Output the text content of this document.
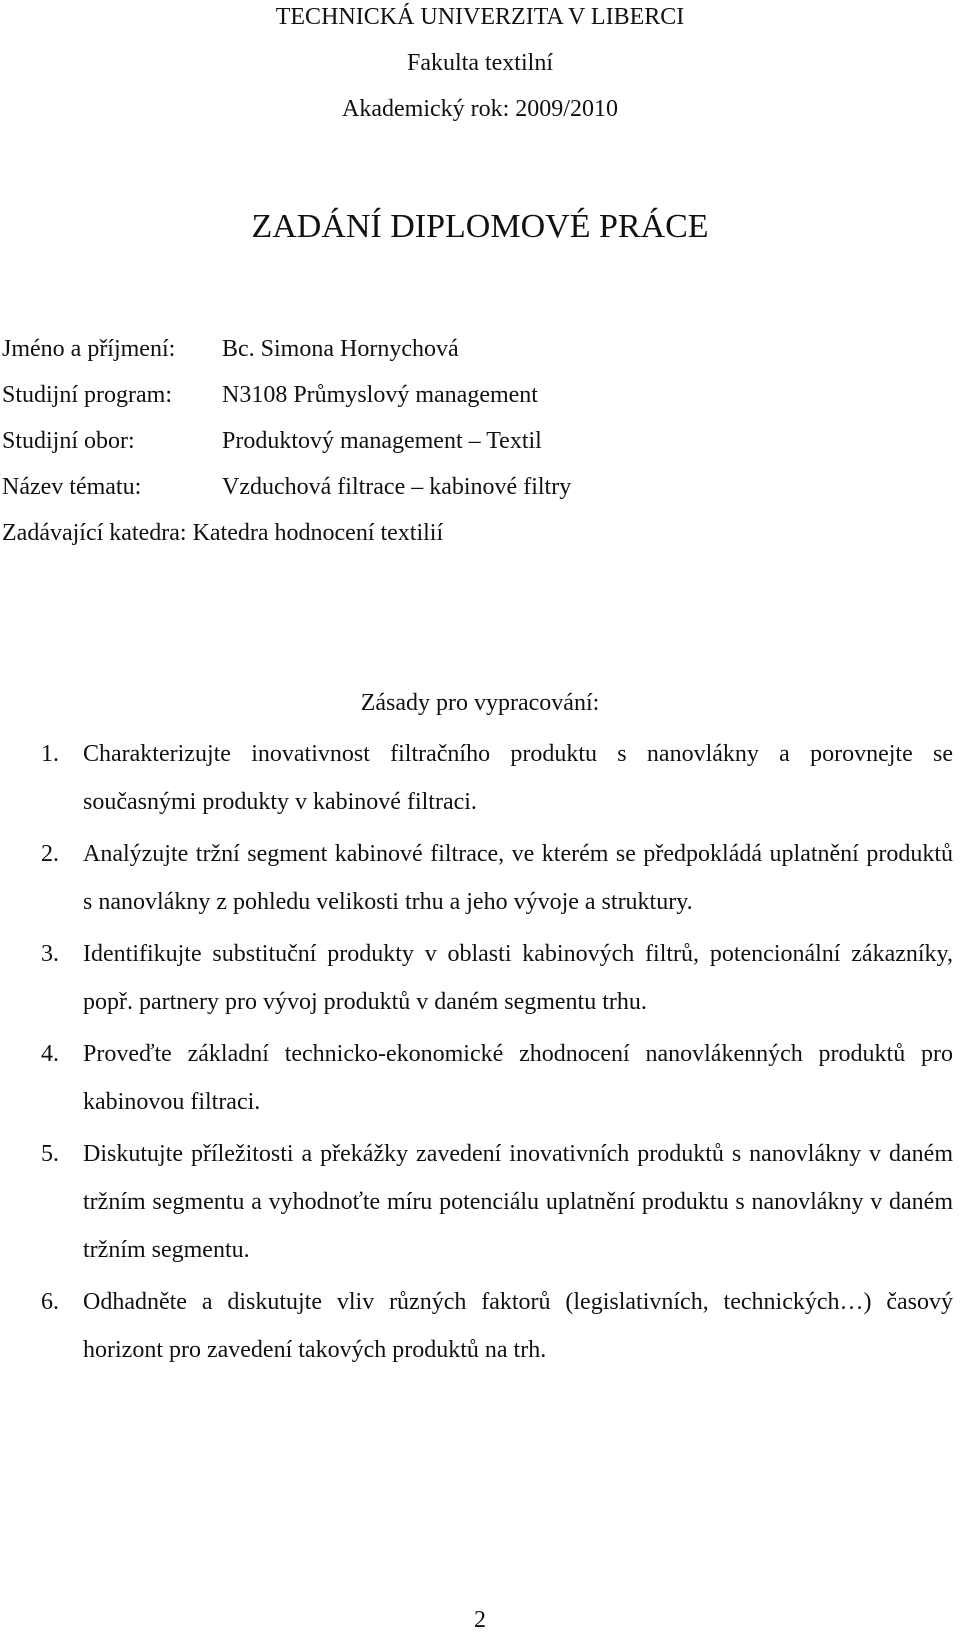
TECHNICKÁ UNIVERZITA V LIBERCI
Fakulta textilní
Akademický rok: 2009/2010
ZADÁNÍ DIPLOMOVÉ PRÁCE
Jméno a příjmení: Bc. Simona Hornychová
Studijní program: N3108 Průmyslový management
Studijní obor:	Produktový management – Textil
Název tématu:	Vzduchová filtrace – kabinové filtry
Zadávající katedra: Katedra hodnocení textilií
Zásady pro vypracování:
1. Charakterizujte inovativnost filtračního produktu s nanovlákny a porovnejte se současnými produkty v kabinové filtraci.
2. Analýzujte tržní segment kabinové filtrace, ve kterém se předpokládá uplatnění produktů s nanovlákny z pohledu velikosti trhu a jeho vývoje a struktury.
3. Identifikujte substituční produkty v oblasti kabinových filtrů, potencionální zákazníky, popř. partnery pro vývoj produktů v daném segmentu trhu.
4. Proveďte základní technicko-ekonomické zhodnocení nanovlákenných produktů pro kabinovou filtraci.
5. Diskutujte příležitosti a překážky zavedení inovativních produktů s nanovlákny v daném tržním segmentu a vyhodnoťte míru potenciálu uplatnění produktu s nanovlákny v daném tržním segmentu.
6. Odhadněte a diskutujte vliv různých faktorů (legislativních, technických…) časový horizont pro zavedení takových produktů na trh.
2
